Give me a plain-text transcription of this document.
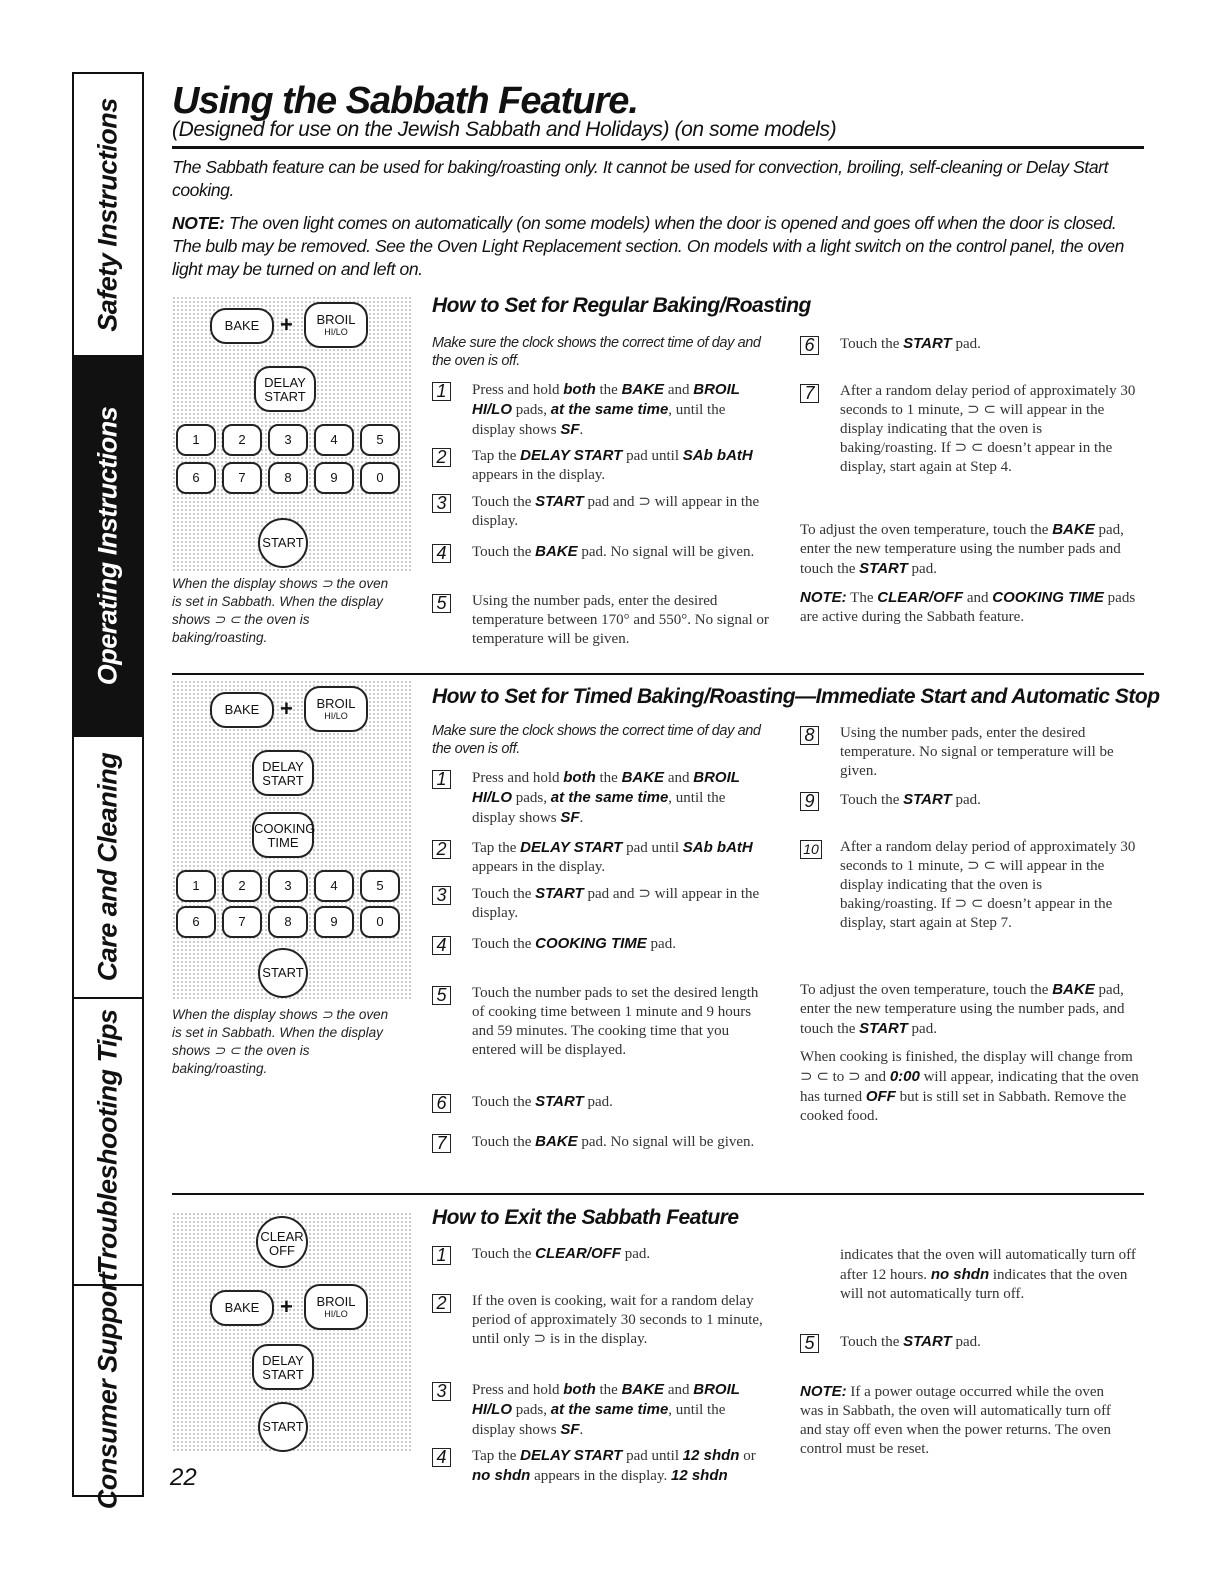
Safety Instructions
Operating Instructions
Care and Cleaning
Troubleshooting Tips
Consumer Support
Using the Sabbath Feature.
(Designed for use on the Jewish Sabbath and Holidays) (on some models)
The Sabbath feature can be used for baking/roasting only. It cannot be used for convection, broiling, self-cleaning or Delay Start cooking.
NOTE: The oven light comes on automatically (on some models) when the door is opened and goes off when the door is closed. The bulb may be removed. See the Oven Light Replacement section. On models with a light switch on the control panel, the oven light may be turned on and left on.
BAKE +	BROIL
HI/LO
DELAY
START
START
1	2	3	4	5
6	7	8	9	0
When the display shows ⊃ the oven is set in Sabbath. When the display shows ⊃ ⊂ the oven is baking/roasting.
How to Set for Regular Baking/Roasting
Make sure the clock shows the correct time of day and the oven is off.
1	Press and hold both the BAKE and BROIL HI/LO pads, at the same time, until the display shows SF.
2	Tap the DELAY START pad until SAb bAtH appears in the display.
3	Touch the START pad and ⊃ will appear in the display.
4	Touch the BAKE pad. No signal will be given.
5	Using the number pads, enter the desired temperature between 170° and 550°. No signal or temperature will be given.
6	Touch the START pad.
7	After a random delay period of approximately 30 seconds to 1 minute, ⊃ ⊂ will appear in the display indicating that the oven is baking/roasting. If ⊃ ⊂ doesn’t appear in the display, start again at Step 4.
To adjust the oven temperature, touch the BAKE pad, enter the new temperature using the number pads and touch the START pad.
NOTE: The CLEAR/OFF and COOKING TIME pads are active during the Sabbath feature.
BAKE +	BROIL
HI/LO
DELAY
START
COOKING
TIME
START
1	2	3	4	5
6	7	8	9	0
When the display shows ⊃ the oven is set in Sabbath. When the display shows ⊃ ⊂ the oven is baking/roasting.
How to Set for Timed Baking/Roasting—Immediate Start and Automatic Stop
Make sure the clock shows the correct time of day and the oven is off.
1	Press and hold both the BAKE and BROIL HI/LO pads, at the same time, until the display shows SF.
2	Tap the DELAY START pad until SAb bAtH appears in the display.
3	Touch the START pad and ⊃ will appear in the display.
4	Touch the COOKING TIME pad.
5	Touch the number pads to set the desired length of cooking time between 1 minute and 9 hours and 59 minutes. The cooking time that you entered will be displayed.
6	Touch the START pad.
7	Touch the BAKE pad. No signal will be given.
8	Using the number pads, enter the desired temperature. No signal or temperature will be given.
9	Touch the START pad.
10 After a random delay period of approximately 30 seconds to 1 minute, ⊃ ⊂ will appear in the display indicating that the oven is baking/roasting. If ⊃ ⊂ doesn’t appear in the display, start again at Step 7.
To adjust the oven temperature, touch the BAKE pad, enter the new temperature using the number pads, and touch the START pad.
When cooking is finished, the display will change from ⊃ ⊂ to ⊃ and 0:00 will appear, indicating that the oven has turned OFF but is still set in Sabbath. Remove the cooked food.
CLEAR
OFF
BAKE +	BROIL
HI/LO
DELAY
START
START
How to Exit the Sabbath Feature
1	Touch the CLEAR/OFF pad.
2	If the oven is cooking, wait for a random delay period of approximately 30 seconds to 1 minute, until only ⊃ is in the display.
3	Press and hold both the BAKE and BROIL HI/LO pads, at the same time, until the display shows SF.
4	Tap the DELAY START pad until 12 shdn or no shdn appears in the display. 12 shdn
indicates that the oven will automatically turn off after 12 hours. no shdn indicates that the oven will not automatically turn off.
5	Touch the START pad.
NOTE: If a power outage occurred while the oven was in Sabbath, the oven will automatically turn off and stay off even when the power returns. The oven control must be reset.
22
